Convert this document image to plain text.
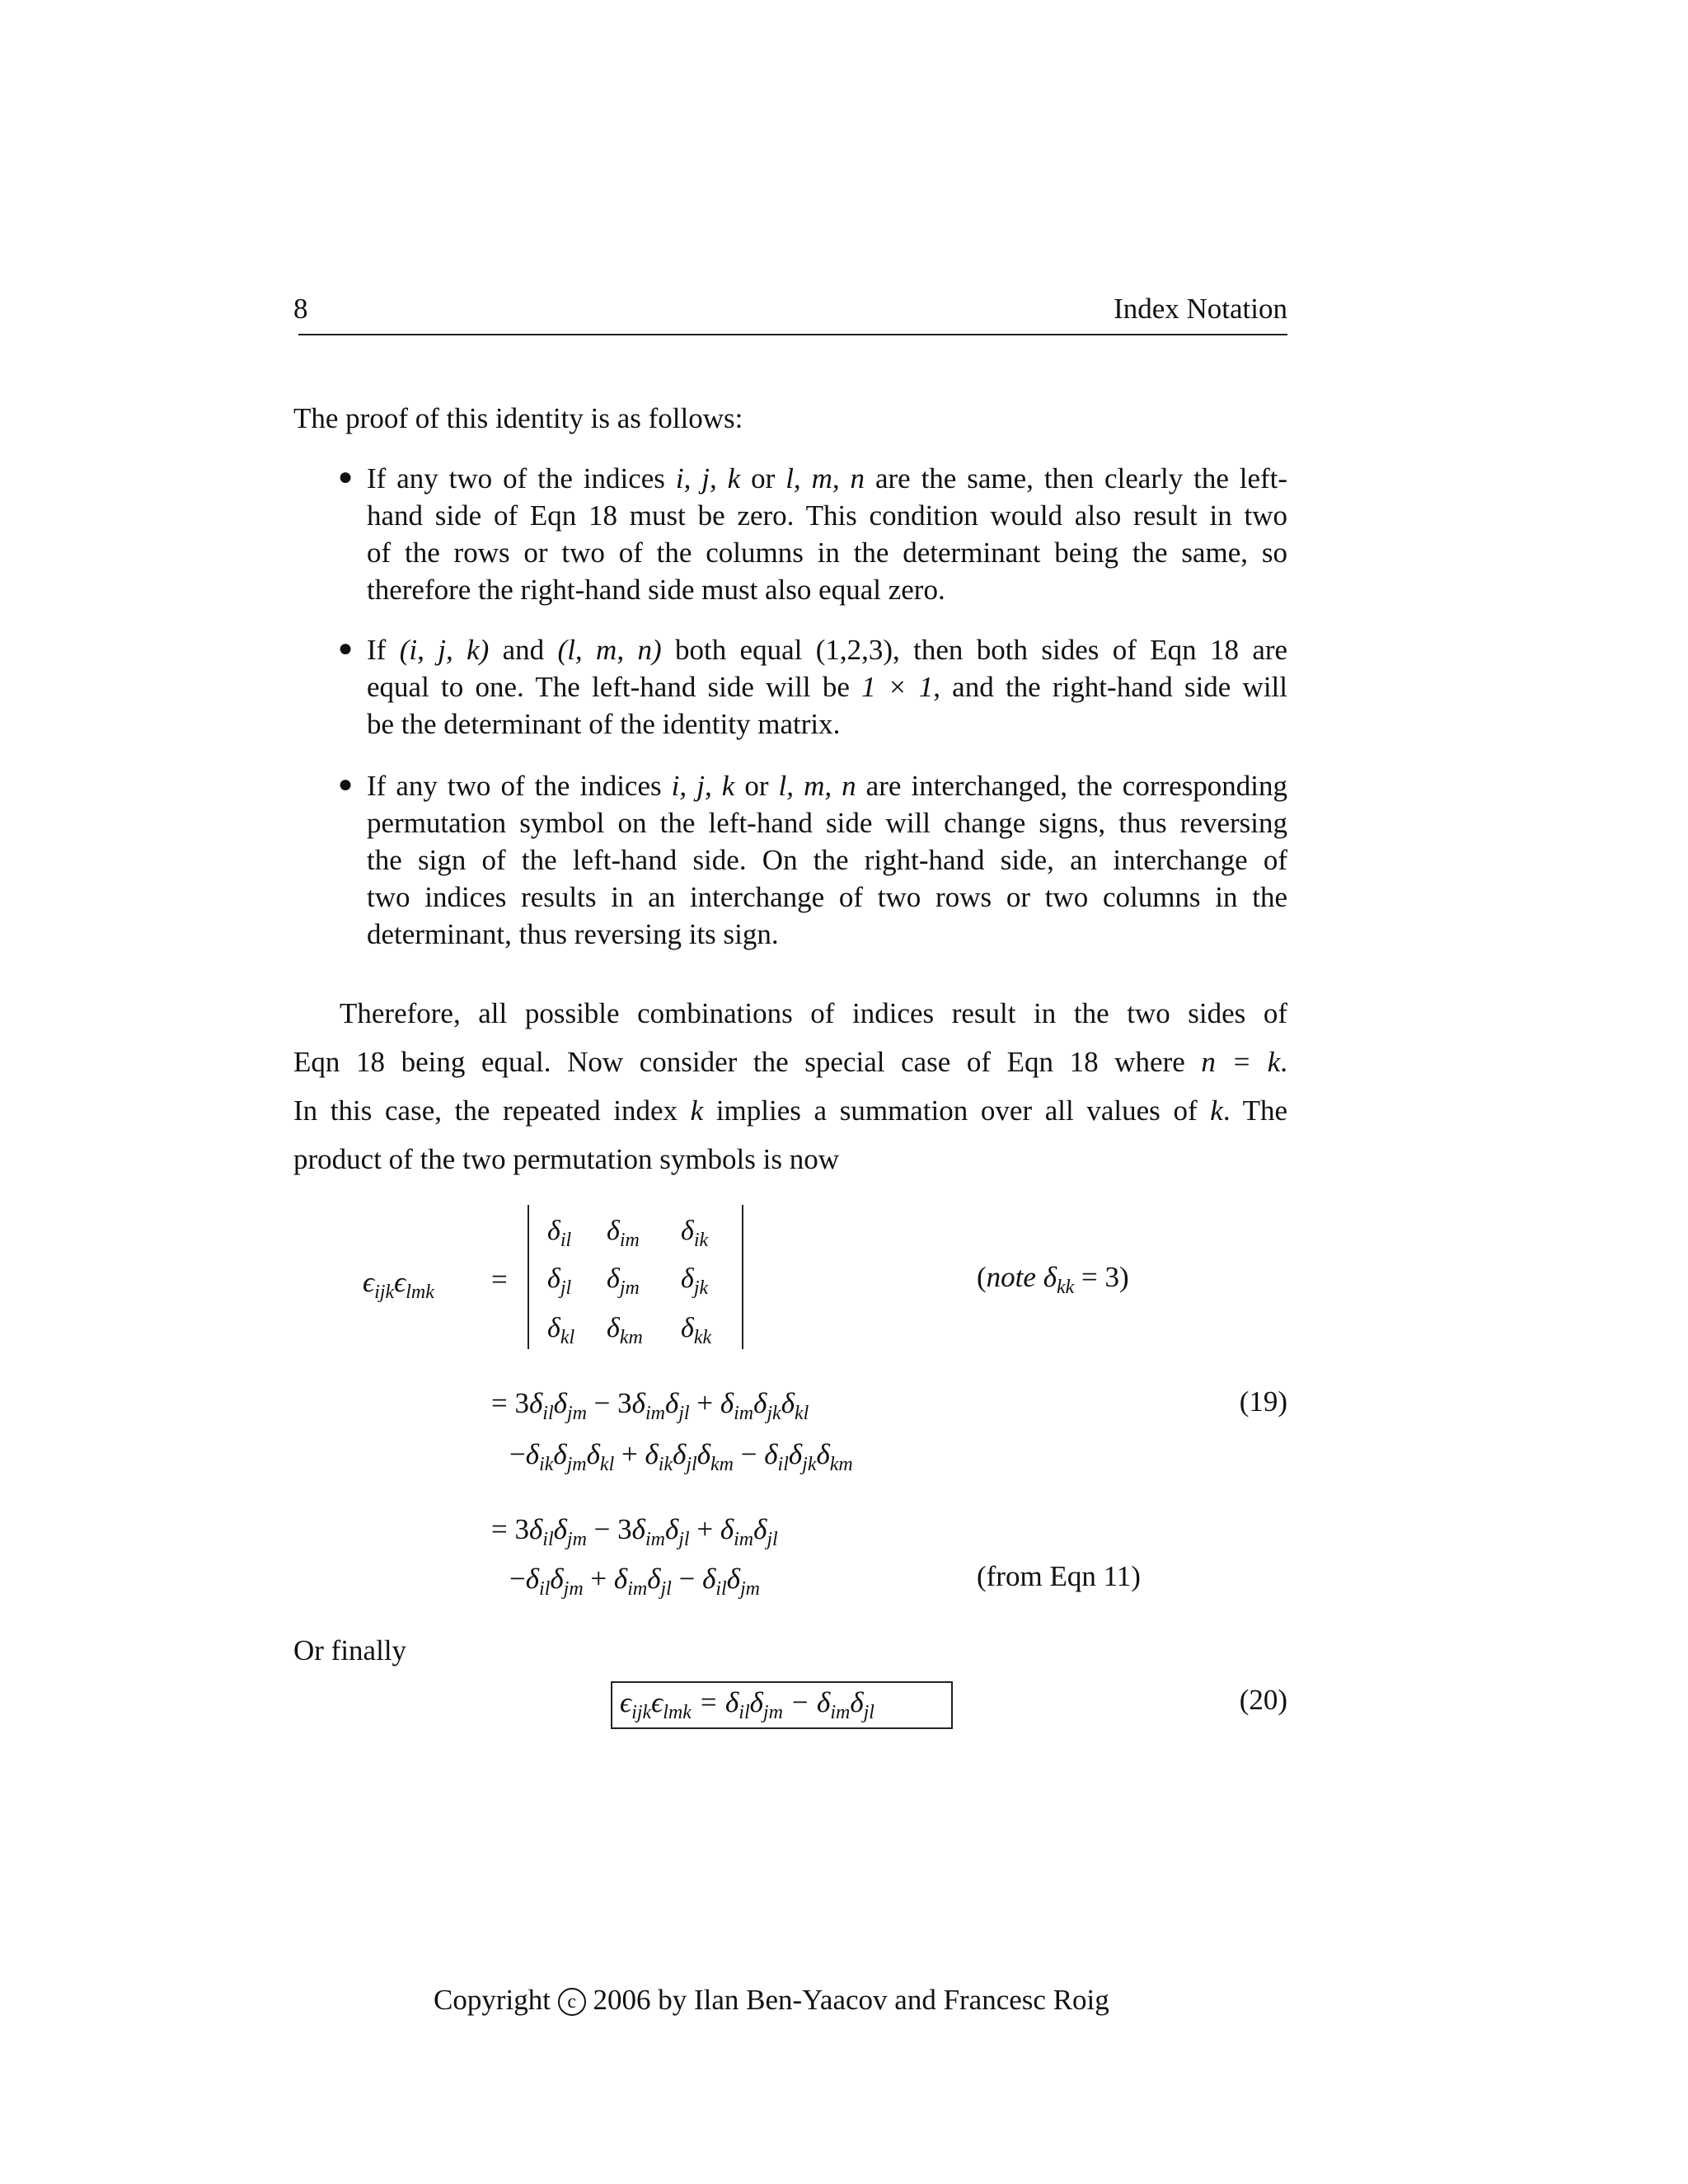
8	Index Notation
The proof of this identity is as follows:
● If any two of the indices i, j, k or l, m, n are the same, then clearly the left-
hand side of Eqn 18 must be zero. This condition would also result in two
of the rows or two of the columns in the determinant being the same, so
therefore the right-hand side must also equal zero.
● If (i, j, k) and (l, m, n) both equal (1,2,3), then both sides of Eqn 18 are
equal to one. The left-hand side will be 1 × 1, and the right-hand side will
be the determinant of the identity matrix.
● If any two of the indices i, j, k or l, m, n are interchanged, the corresponding
permutation symbol on the left-hand side will change signs, thus reversing
the sign of the left-hand side. On the right-hand side, an interchange of
two indices results in an interchange of two rows or two columns in the
determinant, thus reversing its sign.
Therefore, all possible combinations of indices result in the two sides of
Eqn 18 being equal. Now consider the special case of Eqn 18 where n = k.
In this case, the repeated index k implies a summation over all values of k. The
product of the two permutation symbols is now
$\epsilon_{ijk}\epsilon_{lmk}$ =
$\delta_{il}$ $\delta_{im}$ $\delta_{ik}$
$\delta_{jl}$ $\delta_{jm}$ $\delta_{jk}$
$\delta_{kl}$ $\delta_{km}$ $\delta_{kk}$
(note $\delta_{kk} = 3$)
= $3\delta_{il}\delta_{jm} - 3\delta_{im}\delta_{jl} + \delta_{im}\delta_{jk}\delta_{kl}$	(19)
$-\delta_{ik}\delta_{jm}\delta_{kl} + \delta_{ik}\delta_{jl}\delta_{km} - \delta_{il}\delta_{jk}\delta_{km}$
= $3\delta_{il}\delta_{jm} - 3\delta_{im}\delta_{jl} + \delta_{im}\delta_{jl}$
$-\delta_{il}\delta_{jm} + \delta_{im}\delta_{jl} - \delta_{il}\delta_{jm}$	(from Eqn 11)
Or finally
$\epsilon_{ijk}\epsilon_{lmk} = \delta_{il}\delta_{jm} - \delta_{im}\delta_{jl}$	(20)
Copyright c 2006 by Ilan Ben-Yaacov and Francesc Roig
